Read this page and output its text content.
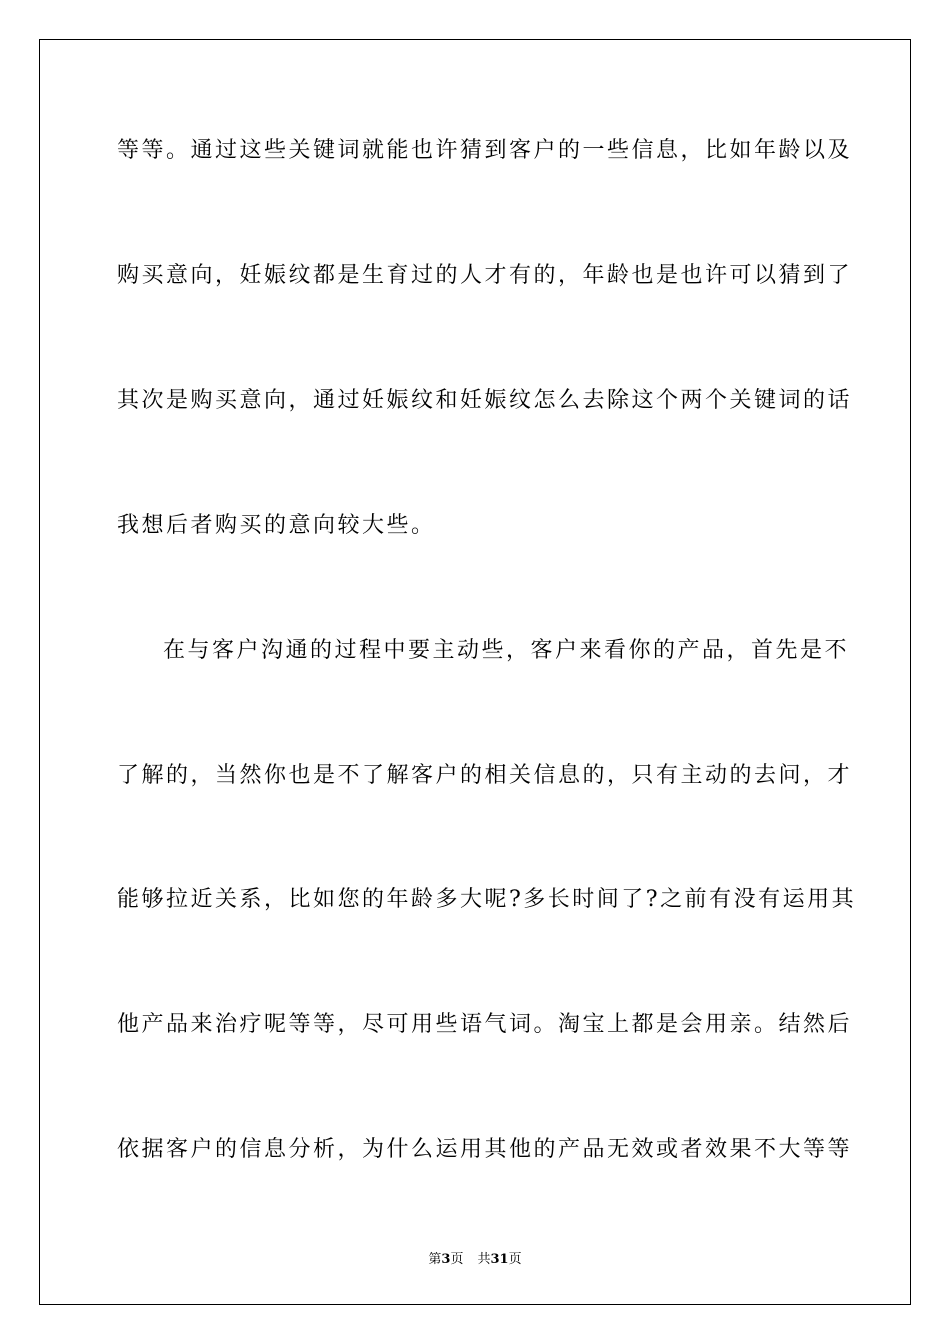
等等。通过这些关键词就能也许猜到客户的一些信息，比如年龄以及
购买意向，妊娠纹都是生育过的人才有的，年龄也是也许可以猜到了
其次是购买意向，通过妊娠纹和妊娠纹怎么去除这个两个关键词的话
我想后者购买的意向较大些。
在与客户沟通的过程中要主动些，客户来看你的产品，首先是不
了解的，当然你也是不了解客户的相关信息的，只有主动的去问，才
能够拉近关系，比如您的年龄多大呢?多长时间了?之前有没有运用其
他产品来治疗呢等等，尽可用些语气词。淘宝上都是会用亲。结然后
依据客户的信息分析，为什么运用其他的产品无效或者效果不大等等
第3页 共31页
